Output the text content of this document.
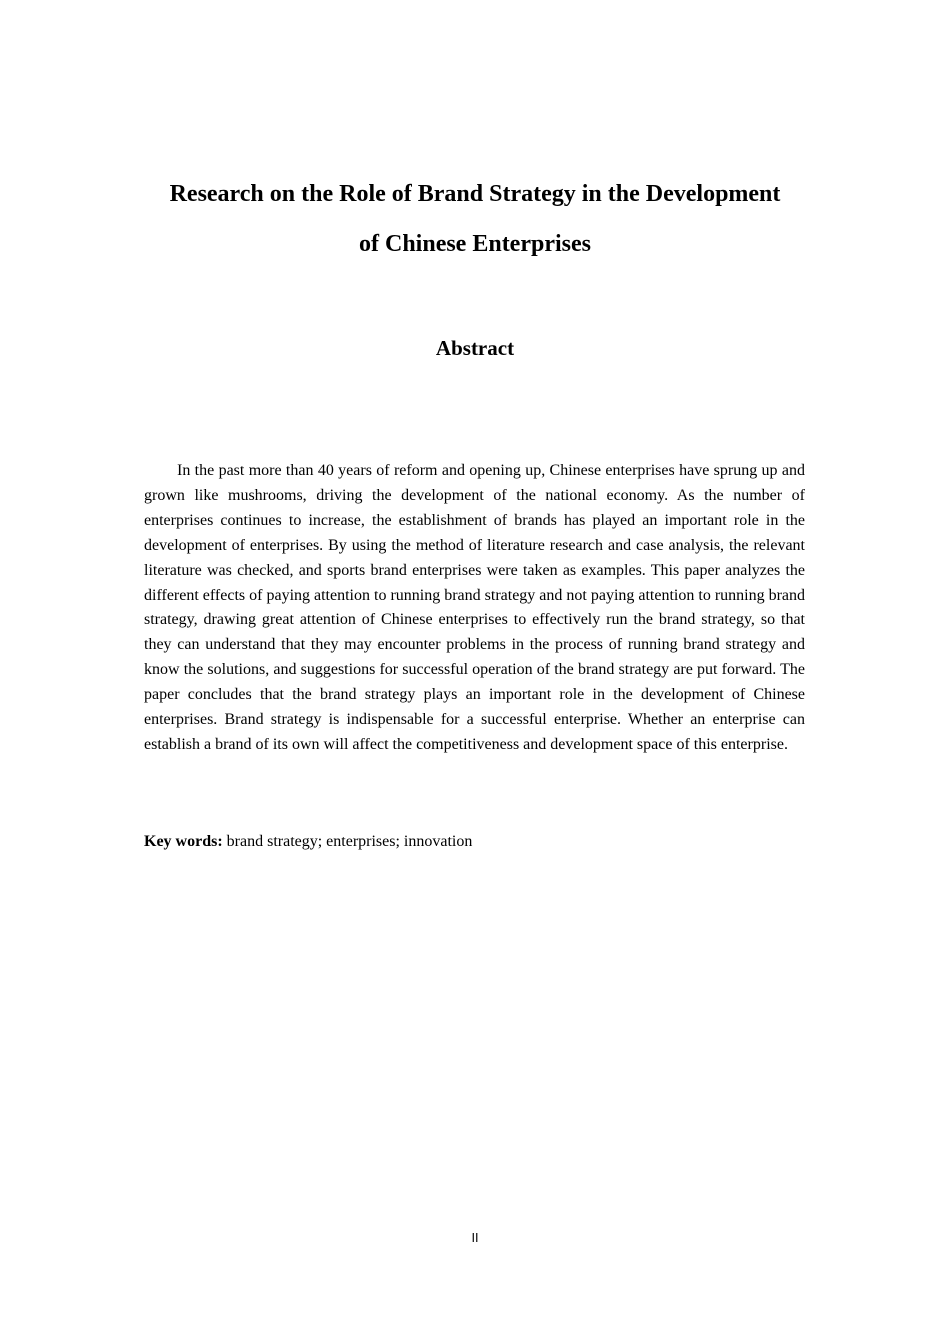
Research on the Role of Brand Strategy in the Development
of Chinese Enterprises
Abstract

In the past more than 40 years of reform and opening up, Chinese enterprises have sprung up and grown like mushrooms, driving the development of the national economy. As the number of enterprises continues to increase, the establishment of brands has played an important role in the development of enterprises. By using the method of literature research and case analysis, the relevant literature was checked, and sports brand enterprises were taken as examples. This paper analyzes the different effects of paying attention to running brand strategy and not paying attention to running brand strategy, drawing great attention of Chinese enterprises to effectively run the brand strategy, so that they can understand that they may encounter problems in the process of running brand strategy and know the solutions, and suggestions for successful operation of the brand strategy are put forward. The paper concludes that the brand strategy plays an important role in the development of Chinese enterprises. Brand strategy is indispensable for a successful enterprise. Whether an enterprise can establish a brand of its own will affect the competitiveness and development space of this enterprise.

Key words: brand strategy; enterprises; innovation

II
